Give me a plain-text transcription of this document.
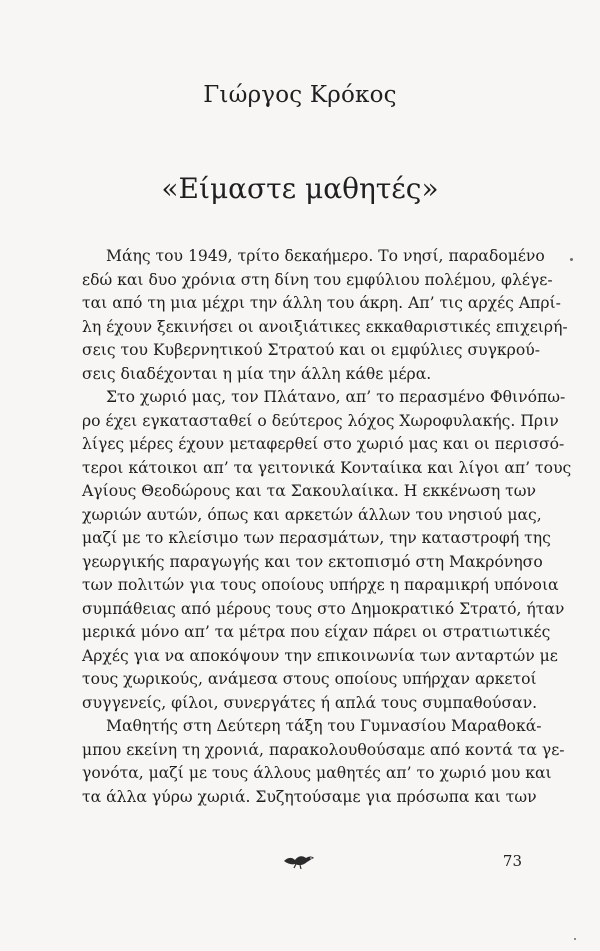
Γιώργος Κρόκος
«Είμαστε μαθητές»

Μάης του 1949, τρίτο δεκαήμερο. Το νησί, παραδομένο
εδώ και δυο χρόνια στη δίνη του εμφύλιου πολέμου, φλέγε-
ται από τη μια μέχρι την άλλη του άκρη. Απ’ τις αρχές Απρί-
λη έχουν ξεκινήσει οι ανοιξιάτικες εκκαθαριστικές επιχειρή-
σεις του Κυβερνητικού Στρατού και οι εμφύλιες συγκρού-
σεις διαδέχονται η μία την άλλη κάθε μέρα.

Στο χωριό μας, τον Πλάτανο, απ’ το περασμένο Φθινόπω-
ρο έχει εγκατασταθεί ο δεύτερος λόχος Χωροφυλακής. Πριν
λίγες μέρες έχουν μεταφερθεί στο χωριό μας και οι περισσό-
τεροι κάτοικοι απ’ τα γειτονικά Κονταίικα και λίγοι απ’ τους
Αγίους Θεοδώρους και τα Σακουλαίικα. Η εκκένωση των
χωριών αυτών, όπως και αρκετών άλλων του νησιού μας,
μαζί με το κλείσιμο των περασμάτων, την καταστροφή της
γεωργικής παραγωγής και τον εκτοπισμό στη Μακρόνησο
των πολιτών για τους οποίους υπήρχε η παραμικρή υπόνοια
συμπάθειας από μέρους τους στο Δημοκρατικό Στρατό, ήταν
μερικά μόνο απ’ τα μέτρα που είχαν πάρει οι στρατιωτικές
Αρχές για να αποκόψουν την επικοινωνία των ανταρτών με
τους χωρικούς, ανάμεσα στους οποίους υπήρχαν αρκετοί
συγγενείς, φίλοι, συνεργάτες ή απλά τους συμπαθούσαν.

Μαθητής στη Δεύτερη τάξη του Γυμνασίου Μαραθοκά-
μπου εκείνη τη χρονιά, παρακολουθούσαμε από κοντά τα γε-
γονότα, μαζί με τους άλλους μαθητές απ’ το χωριό μου και
τα άλλα γύρω χωριά. Συζητούσαμε για πρόσωπα και των

73
